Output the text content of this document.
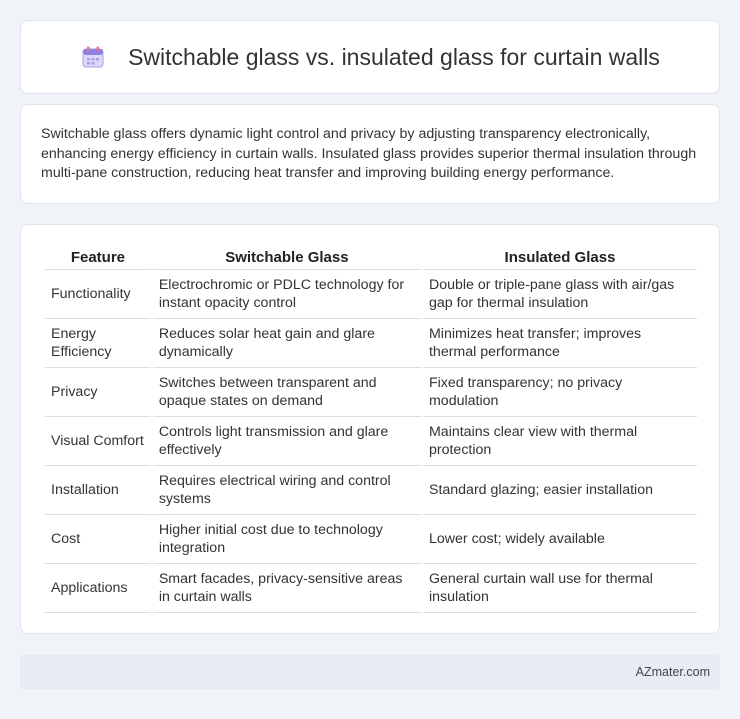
Switchable glass vs. insulated glass for curtain walls

Switchable glass offers dynamic light control and privacy by adjusting transparency electronically, enhancing energy efficiency in curtain walls. Insulated glass provides superior thermal insulation through multi-pane construction, reducing heat transfer and improving building energy performance.

Feature	Switchable Glass	Insulated Glass
Functionality	Electrochromic or PDLC technology for instant opacity control	Double or triple-pane glass with air/gas gap for thermal insulation
Energy Efficiency	Reduces solar heat gain and glare dynamically	Minimizes heat transfer; improves thermal performance
Privacy	Switches between transparent and opaque states on demand	Fixed transparency; no privacy modulation
Visual Comfort	Controls light transmission and glare effectively	Maintains clear view with thermal protection
Installation	Requires electrical wiring and control systems	Standard glazing; easier installation
Cost	Higher initial cost due to technology integration	Lower cost; widely available
Applications	Smart facades, privacy-sensitive areas in curtain walls	General curtain wall use for thermal insulation
AZmater.com
